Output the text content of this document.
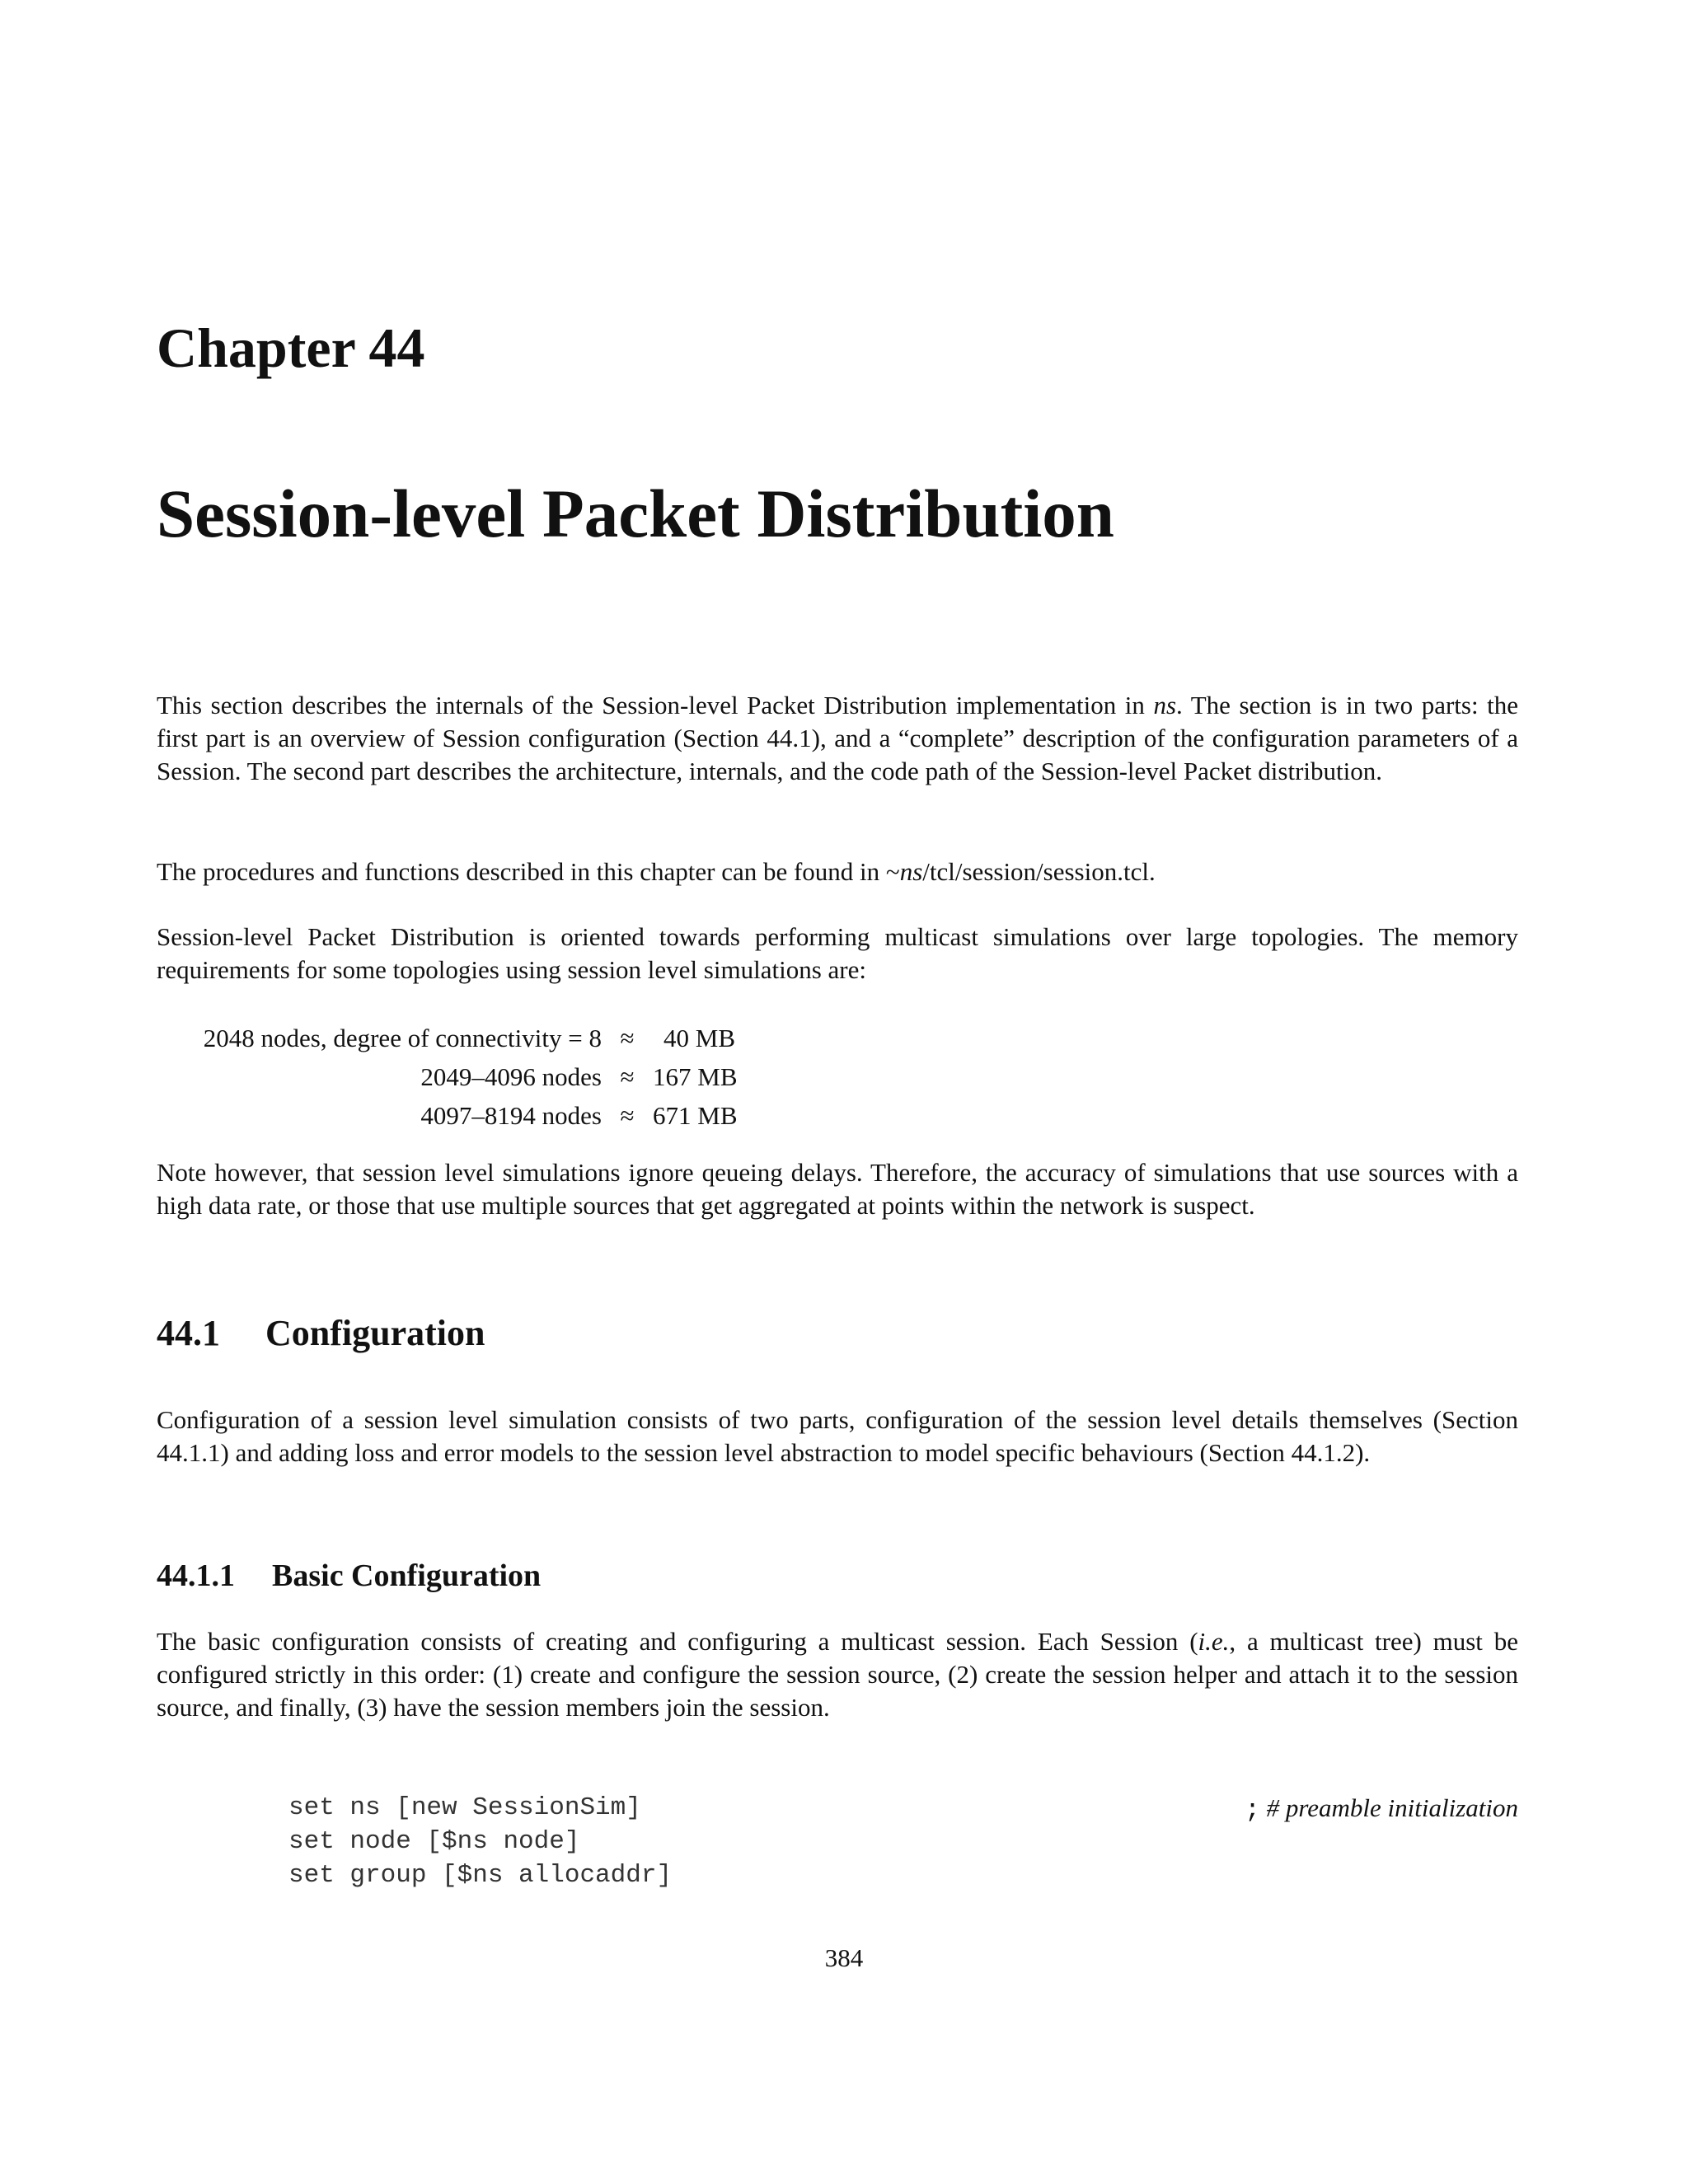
Chapter 44
Session-level Packet Distribution

This section describes the internals of the Session-level Packet Distribution implementation in ns. The section is in two parts: the first part is an overview of Session configuration (Section 44.1), and a “complete” description of the configuration parameters of a Session. The second part describes the architecture, internals, and the code path of the Session-level Packet distribution.

The procedures and functions described in this chapter can be found in ~ns/tcl/session/session.tcl.

Session-level Packet Distribution is oriented towards performing multicast simulations over large topologies. The memory requirements for some topologies using session level simulations are:

2048 nodes, degree of connectivity = 8 ≈	40 MB
2049–4096 nodes ≈ 167 MB
4097–8194 nodes ≈ 671 MB

Note however, that session level simulations ignore qeueing delays. Therefore, the accuracy of simulations that use sources with a high data rate, or those that use multiple sources that get aggregated at points within the network is suspect.

44.1 Configuration

Configuration of a session level simulation consists of two parts, configuration of the session level details themselves (Section 44.1.1) and adding loss and error models to the session level abstraction to model specific behaviours (Section 44.1.2).

44.1.1 Basic Configuration

The basic configuration consists of creating and configuring a multicast session. Each Session (i.e., a multicast tree) must be configured strictly in this order: (1) create and configure the session source, (2) create the session helper and attach it to the session source, and finally, (3) have the session members join the session.

set ns [new SessionSim]
set node [$ns node]
set group [$ns allocaddr]
; # preamble initialization
384
